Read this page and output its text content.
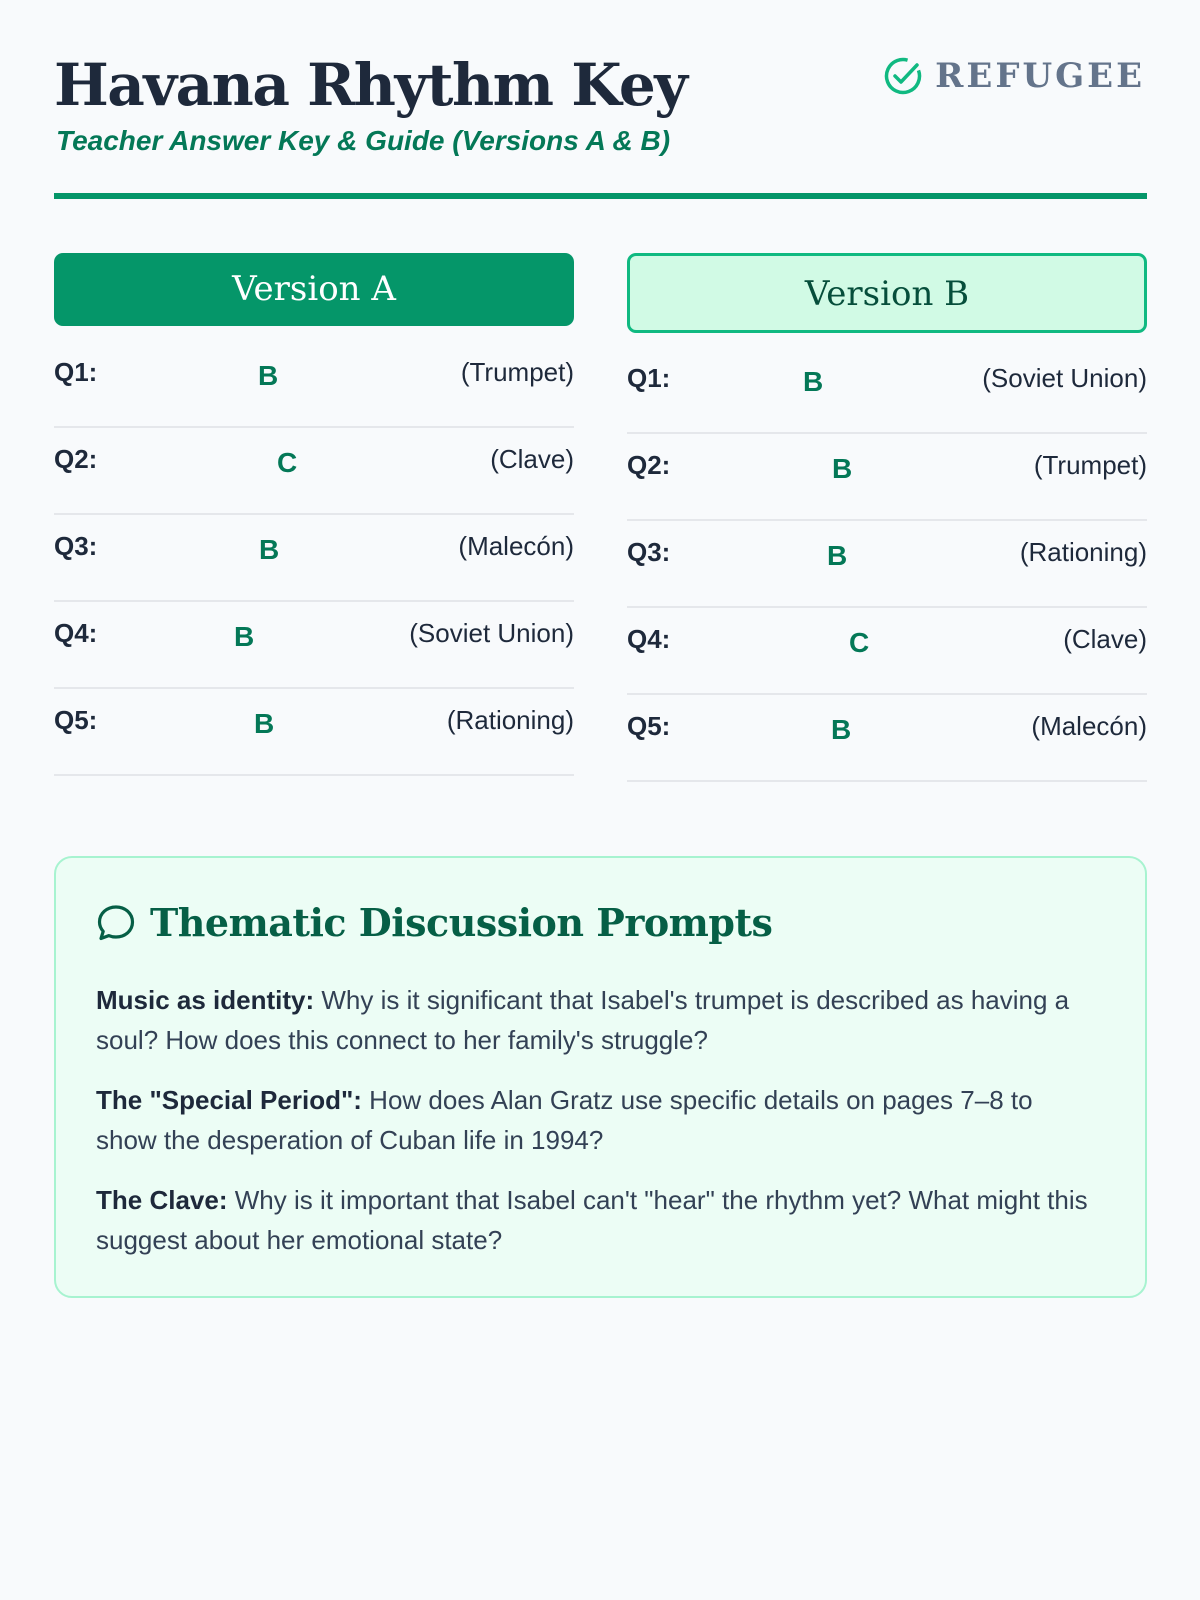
Havana Rhythm Key

Teacher Answer Key & Guide (Versions A & B)

REFUGEE
Version A
Q1:	B	(Trumpet)
Q2:	C	(Clave)
Q3:	B	(Malecón)
Q4:	B	(Soviet Union)
Q5:	B	(Rationing)
Version B
Q1:	B	(Soviet Union)
Q2:	B	(Trumpet)
Q3:	B	(Rationing)
Q4:	C	(Clave)
Q5:	B	(Malecón)
Thematic Discussion Prompts

Music as identity: Why is it significant that Isabel's trumpet is described as having a soul? How does this connect to her family's struggle?

The "Special Period": How does Alan Gratz use specific details on pages 7–8 to show the desperation of Cuban life in 1994?

The Clave: Why is it important that Isabel can't "hear" the rhythm yet? What might this suggest about her emotional state?
